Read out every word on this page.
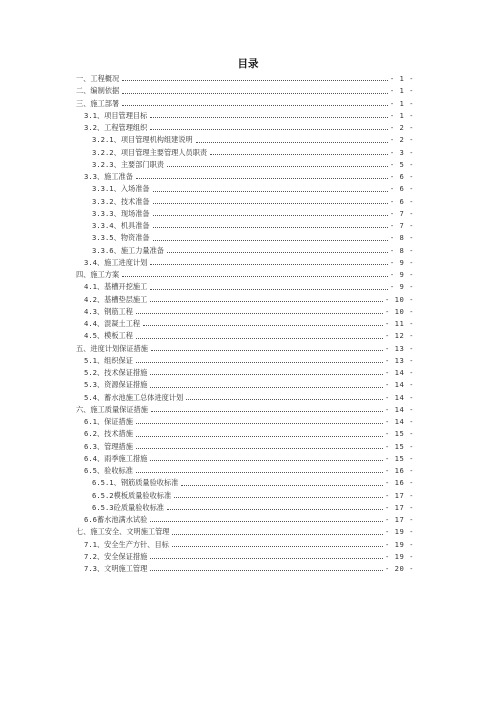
目录
一、工程概况	- 1 -
二、编制依据	- 1 -
三、施工部署	- 1 -
3.1、项目管理目标	- 1 -
3.2、工程管理组织	- 2 -
3.2.1、项目管理机构组建说明	- 2 -
3.2.2、项目管理主要管理人员职责	- 3 -
3.2.3、主要部门职责	- 5 -
3.3、施工准备	- 6 -
3.3.1、入场准备	- 6 -
3.3.2、技术准备	- 6 -
3.3.3、现场准备	- 7 -
3.3.4、机具准备	- 7 -
3.3.5、物资准备	- 8 -
3.3.6、施工力量准备	- 8 -
3.4、施工进度计划	- 9 -
四、施工方案	- 9 -
4.1、基槽开挖施工	- 9 -
4.2、基槽垫层施工	- 10 -
4.3、钢筋工程	- 10 -
4.4、混凝土工程	- 11 -
4.5、模板工程	- 12 -
五、进度计划保证措施	- 13 -
5.1、组织保证	- 13 -
5.2、技术保证措施	- 14 -
5.3、资源保证措施	- 14 -
5.4、蓄水池施工总体进度计划	- 14 -
六、施工质量保证措施	- 14 -
6.1、保证措施	- 14 -
6.2、技术措施	- 15 -
6.3、管理措施	- 15 -
6.4、雨季施工措施	- 15 -
6.5、验收标准	- 16 -
6.5.1、钢筋质量验收标准	- 16 -
6.5.2模板质量验收标准	- 17 -
6.5.3砼质量验收标准	- 17 -
6.6蓄水池满水试验	- 17 -
七、施工安全、文明施工管理	- 19 -
7.1、安全生产方针、目标	- 19 -
7.2、安全保证措施	- 19 -
7.3、文明施工管理	- 20 -
